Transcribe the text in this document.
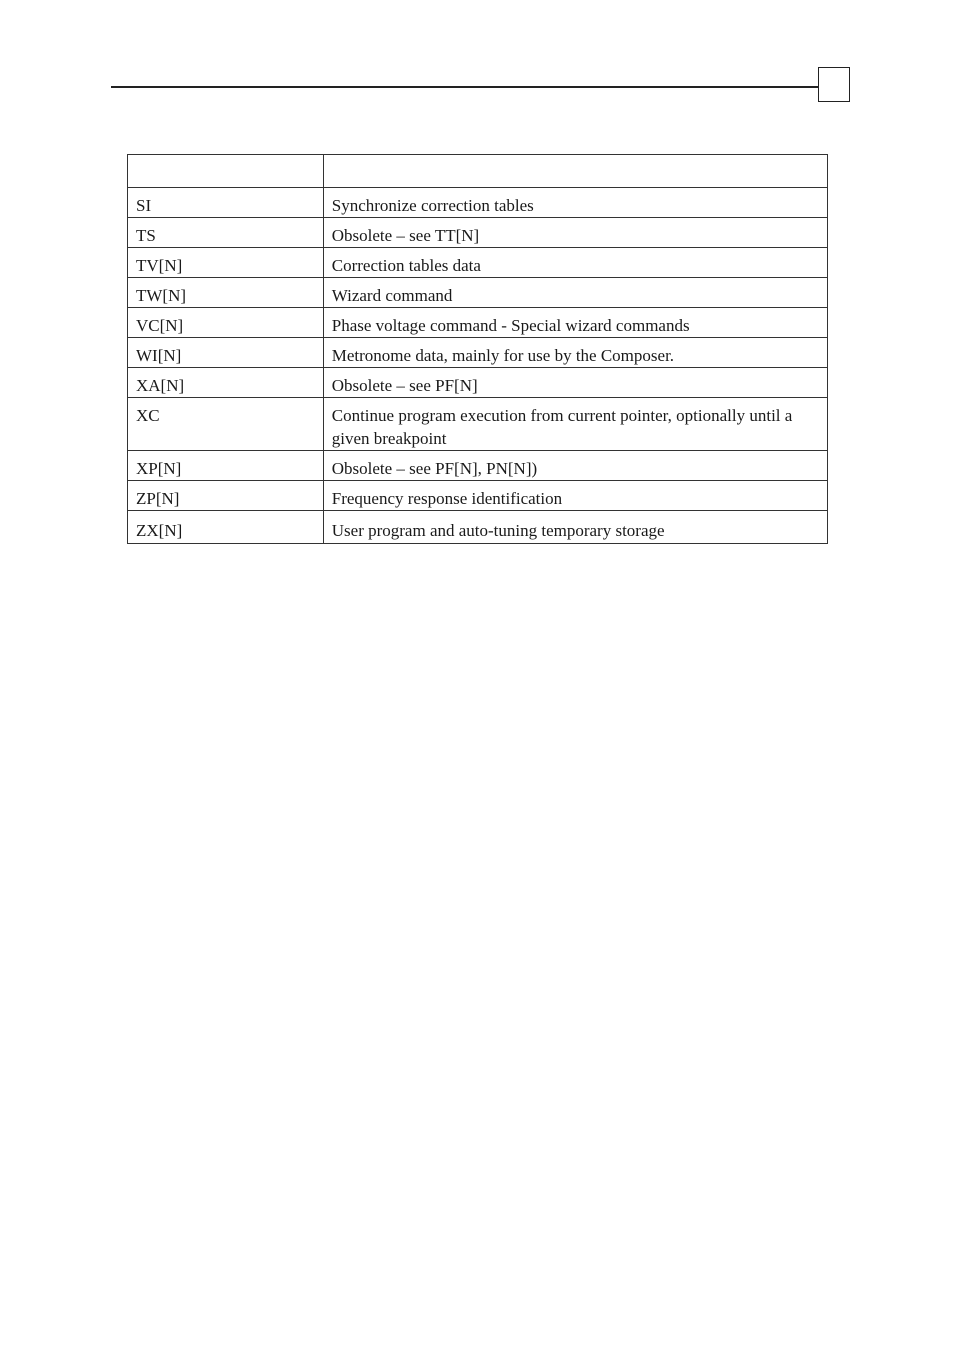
SI	Synchronize correction tables
TS	Obsolete – see TT[N]
TV[N]	Correction tables data
TW[N]	Wizard command
VC[N]	Phase voltage command - Special wizard commands
WI[N]	Metronome data, mainly for use by the Composer.
XA[N]	Obsolete – see PF[N]
XC	Continue program execution from current pointer, optionally until a given breakpoint
XP[N]	Obsolete – see PF[N], PN[N])
ZP[N]	Frequency response identification
ZX[N]	User program and auto-tuning temporary storage
